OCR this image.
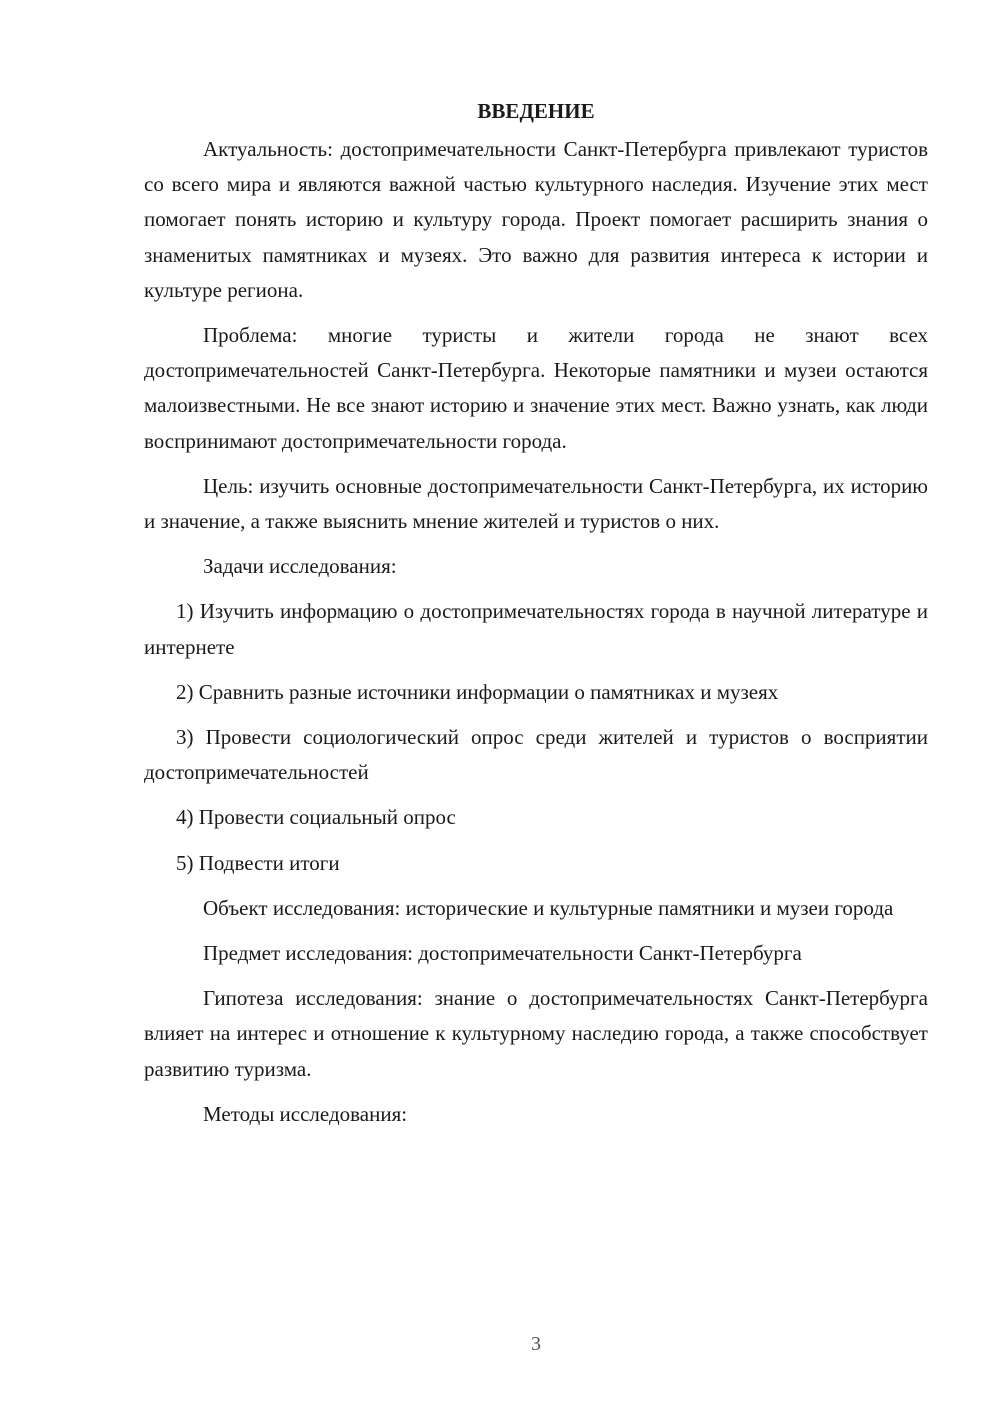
ВВЕДЕНИЕ

Актуальность: достопримечательности Санкт-Петербурга привлекают туристов со всего мира и являются важной частью культурного наследия. Изучение этих мест помогает понять историю и культуру города. Проект помогает расширить знания о знаменитых памятниках и музеях. Это важно для развития интереса к истории и культуре региона.

Проблема: многие туристы и жители города не знают всех достопримечательностей Санкт-Петербурга. Некоторые памятники и музеи остаются малоизвестными. Не все знают историю и значение этих мест. Важно узнать, как люди воспринимают достопримечательности города.

Цель: изучить основные достопримечательности Санкт-Петербурга, их историю и значение, а также выяснить мнение жителей и туристов о них.

Задачи исследования:

1) Изучить информацию о достопримечательностях города в научной литературе и интернете

2) Сравнить разные источники информации о памятниках и музеях

3) Провести социологический опрос среди жителей и туристов о восприятии достопримечательностей

4) Провести социальный опрос

5) Подвести итоги

Объект исследования: исторические и культурные памятники и музеи города

Предмет исследования: достопримечательности Санкт-Петербурга

Гипотеза исследования: знание о достопримечательностях Санкт-Петербурга влияет на интерес и отношение к культурному наследию города, а также способствует развитию туризма.

Методы исследования:

3
